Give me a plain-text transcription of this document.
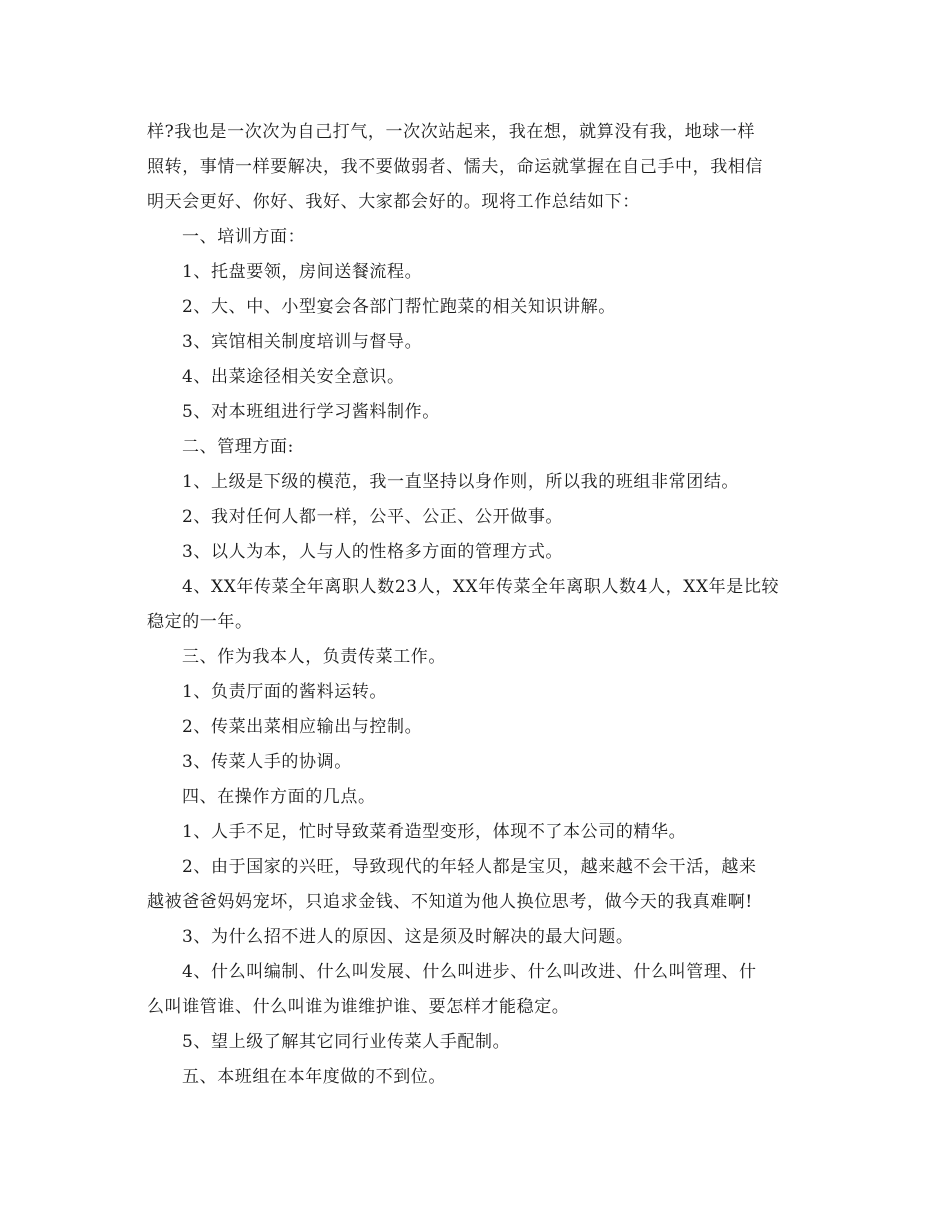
样?我也是一次次为自己打气，一次次站起来，我在想，就算没有我，地球一样
照转，事情一样要解决，我不要做弱者、懦夫，命运就掌握在自己手中，我相信
明天会更好、你好、我好、大家都会好的。现将工作总结如下：
一、培训方面：
1、托盘要领，房间送餐流程。
2、大、中、小型宴会各部门帮忙跑菜的相关知识讲解。
3、宾馆相关制度培训与督导。
4、出菜途径相关安全意识。
5、对本班组进行学习酱料制作。
二、管理方面:
1、上级是下级的模范，我一直坚持以身作则，所以我的班组非常团结。
2、我对任何人都一样，公平、公正、公开做事。
3、以人为本，人与人的性格多方面的管理方式。
4、XX年传菜全年离职人数23人，XX年传菜全年离职人数4人，XX年是比较
稳定的一年。
三、作为我本人，负责传菜工作。
1、负责厅面的酱料运转。
2、传菜出菜相应输出与控制。
3、传菜人手的协调。
四、在操作方面的几点。
1、人手不足，忙时导致菜肴造型变形，体现不了本公司的精华。
2、由于国家的兴旺，导致现代的年轻人都是宝贝，越来越不会干活，越来
越被爸爸妈妈宠坏，只追求金钱、不知道为他人换位思考，做今天的我真难啊!
3、为什么招不进人的原因、这是须及时解决的最大问题。
4、什么叫编制、什么叫发展、什么叫进步、什么叫改进、什么叫管理、什
么叫谁管谁、什么叫谁为谁维护谁、要怎样才能稳定。
5、望上级了解其它同行业传菜人手配制。
五、本班组在本年度做的不到位。
